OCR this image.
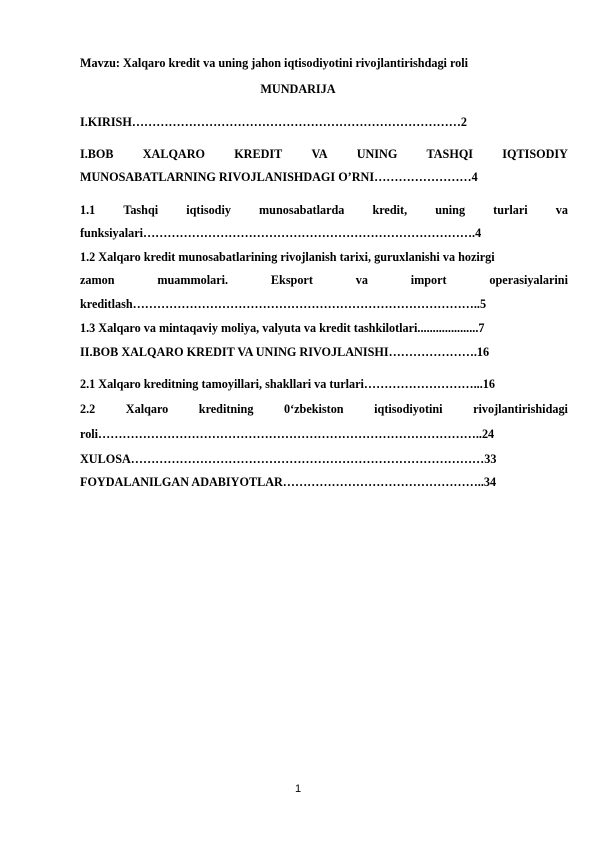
Mavzu: Xalqaro kredit va uning jahon iqtisodiyotini rivojlantirishdagi roli
MUNDARIJA
I.KIRISH………………………………………………………………………2
I.BOB XALQARO KREDIT VA UNING TASHQI IQTISODIY
MUNOSABATLARNING RIVOJLANISHDAGI O’RNI……………………4
1.1 Tashqi iqtisodiy munosabatlarda kredit, uning turlari va
funksiyalari……………………………………………………………………….4
1.2 Xalqaro kredit munosabatlarining rivojlanish tarixi, guruxlanishi va hozirgi
zamon	muammolari.	Eksport	va	import	operasiyalarini
kreditlash…………………………………………………………………………..5
1.3 Xalqaro va mintaqaviy moliya, valyuta va kredit tashkilotlari....................7
II.BOB XALQARO KREDIT VA UNING RIVOJLANISHI………………….16
2.1 Xalqaro kreditning tamoyillari, shakllari va turlari………………………...16
2.2	Xalqaro	kreditning	0‘zbekiston	iqtisodiyotini	rivojlantirishidagi
roli…………………………………………………………………………………..24
XULOSA……………………………………………………………………………33
FOYDALANILGAN ADABIYOTLAR…………………………………………..34
1
